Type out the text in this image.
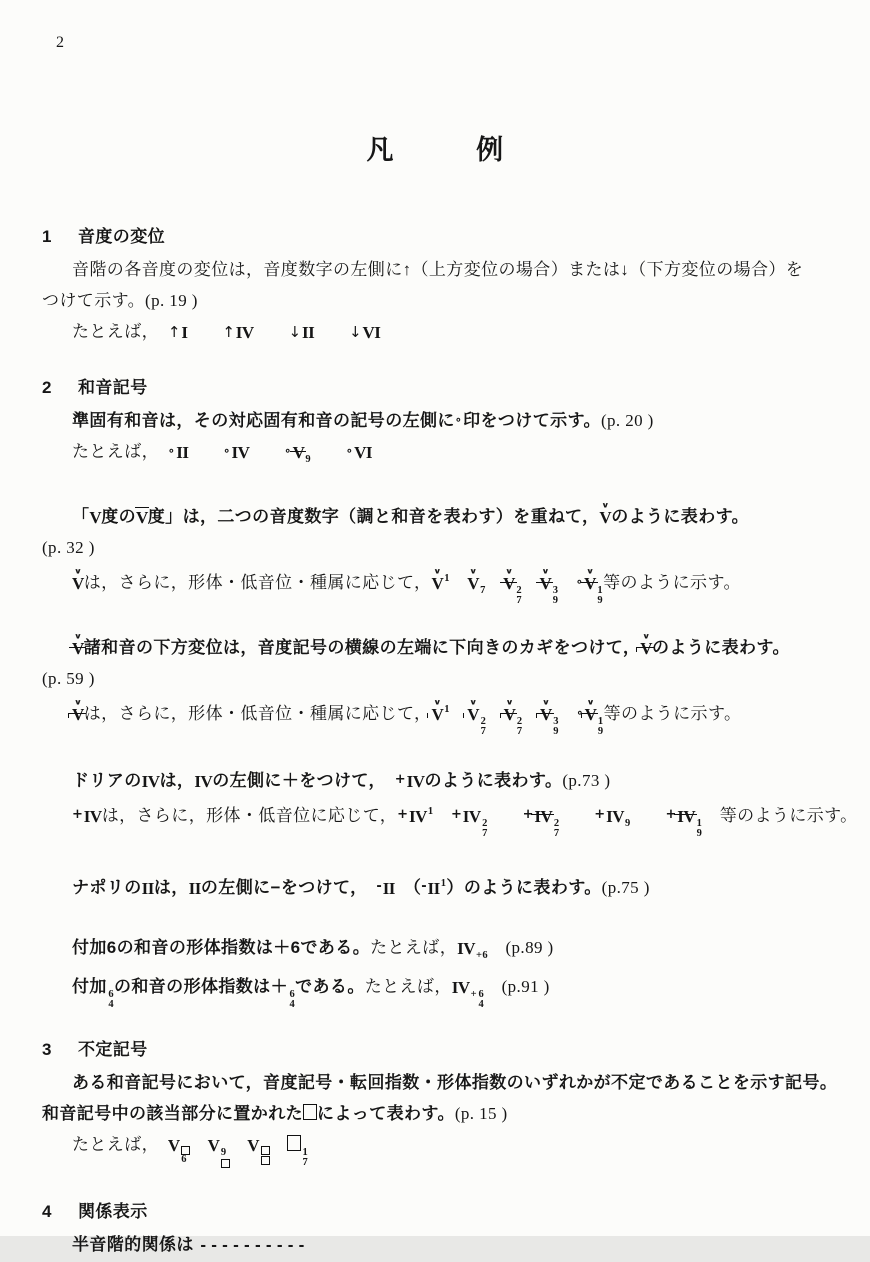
2
凡　　　例
1 音度の変位
音階の各音度の変位は，音度数字の左側に↑（上方変位の場合）または↓（下方変位の場合）を
つけて示す。(p. 19 )
たとえば，　↑I　　 ↑IV　　 ↓II　　 ↓VI
2 和音記号
準固有和音は，その対応固有和音の記号の左側に∘印をつけて示す。(p. 20 )
たとえば，　∘II　　	∘IV　　	$\circ V_9$　　∘VI
「V度のV度」は，二つの音度数字（調と和音を表わす）を重ねて，V
∨
のように表わす。
(p. 32 )
V
∨
は，さらに，形体・低音位・種属に応じて，V
∨
$^1$　 V
∨
$_7$　 V
∨
2
7
　V
∨
3
9
　∘V
∨
1
9
等のように示す。
V
∨
諸和音の下方変位は，音度記号の横線の左端に下向きのカギをつけて，V
∨
のように表わす。
(p. 59 )
V
∨
は，さらに，形体・低音位・種属に応じて，V
∨
$^1$　 V
∨
2
7
　V
∨
2
7
　V
∨
3
9
　∘V
∨
1
9
等のように示す。
ドリアのIVは，IVの左側に＋をつけて，　+IVのように表わす。(p.73 )
+IVは，さらに，形体・低音位に応じて，$+IV^1$　 +IV 2
7
　　+IV 2
7
　　$+IV_9$　　+IV 1
9
　等のように示す。
ナポリのIIは，IIの左側に−をつけて，　-II　$(-II^1)$のように表わす。(p.75 )
付加6の和音の形体指数は＋6である。たとえば，$IV_{+6}$　(p.89 )
付加 6
4
の和音の形体指数は＋ 6
4
である。たとえば，$IV_+$ 6
4
　(p.91 )
3 不定記号
ある和音記号において，音度記号・転回指数・形体指数のいずれかが不定であることを示す記号。
和音記号中の該当部分に置かれた によって表わす。(p. 15 )
たとえば，　V
6
　V 9
　 V
　	1
7
4 関係表示
半音階的関係は ----------
